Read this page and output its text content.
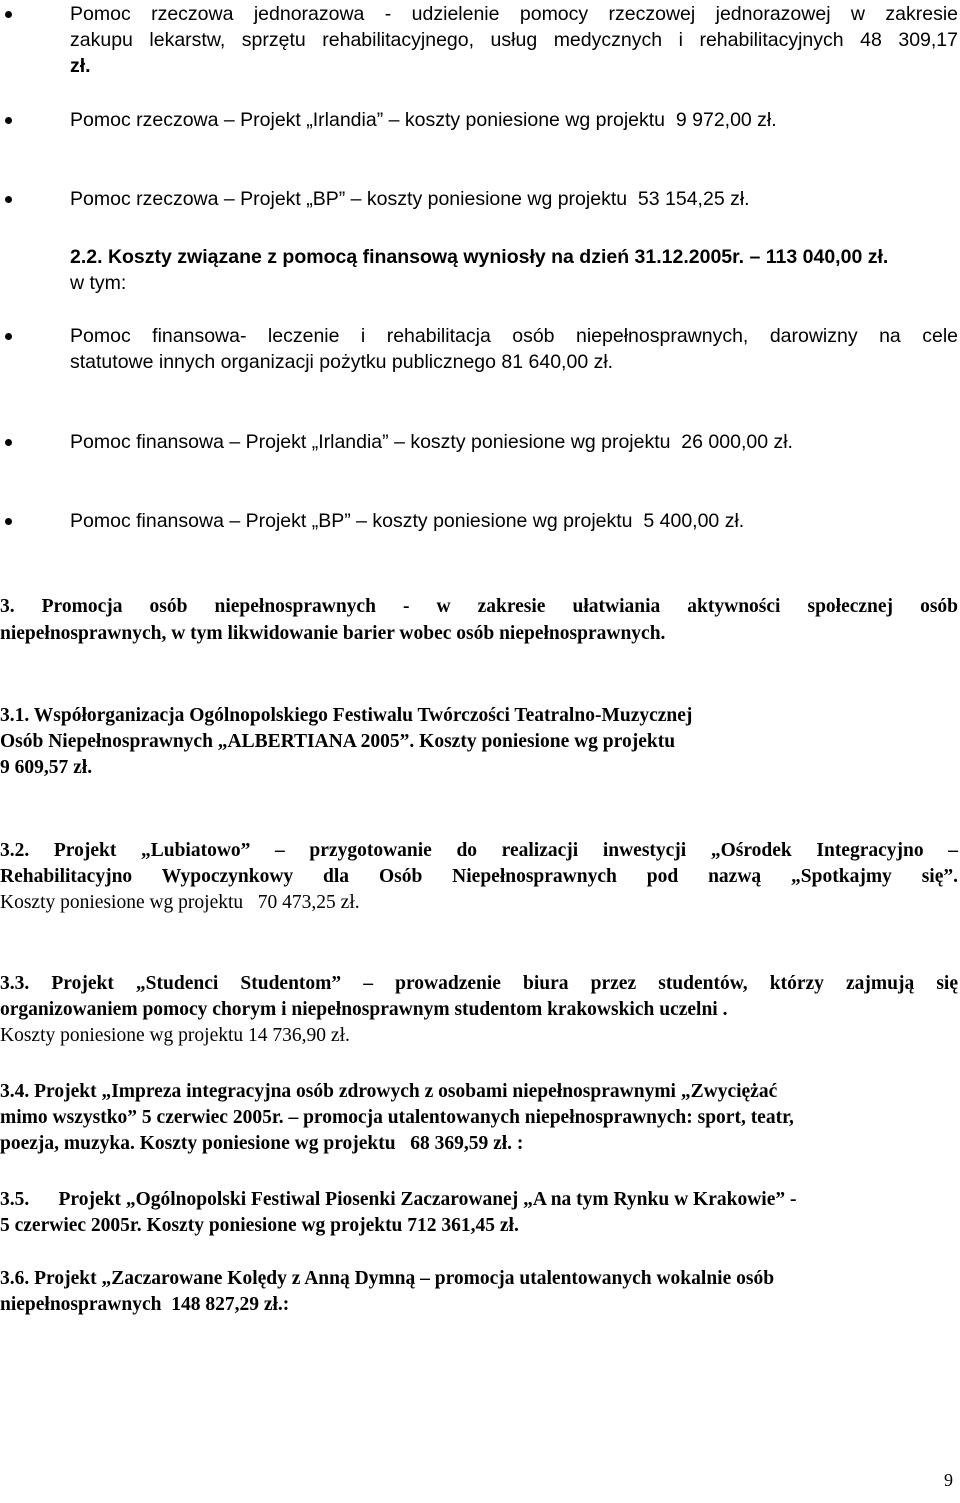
Pomoc rzeczowa jednorazowa - udzielenie pomocy rzeczowej jednorazowej w zakresie
zakupu lekarstw, sprzętu rehabilitacyjnego, usług medycznych i rehabilitacyjnych 48 309,17
zł.
Pomoc rzeczowa – Projekt „Irlandia” – koszty poniesione wg projektu  9 972,00 zł.
Pomoc rzeczowa – Projekt „BP” – koszty poniesione wg projektu  53 154,25 zł.
2.2. Koszty związane z pomocą finansową wyniosły na dzień 31.12.2005r. – 113 040,00 zł.
w tym:
Pomoc  finansowa-  leczenie  i  rehabilitacja  osób  niepełnosprawnych,  darowizny  na  cele
statutowe innych organizacji pożytku publicznego 81 640,00 zł.
Pomoc finansowa – Projekt „Irlandia” – koszty poniesione wg projektu  26 000,00 zł.
Pomoc finansowa – Projekt „BP” – koszty poniesione wg projektu  5 400,00 zł.
3.  Promocja  osób  niepełnosprawnych  -  w  zakresie  ułatwiania  aktywności  społecznej  osób
niepełnosprawnych, w tym likwidowanie barier wobec osób niepełnosprawnych.
3.1. Współorganizacja Ogólnopolskiego Festiwalu Twórczości Teatralno-Muzycznej
Osób Niepełnosprawnych „ALBERTIANA 2005”. Koszty poniesione wg projektu
9 609,57 zł.
3.2.  Projekt  „Lubiatowo”  –  przygotowanie  do  realizacji  inwestycji  „Ośrodek  Integracyjno  –
Rehabilitacyjno  Wypoczynkowy  dla  Osób  Niepełnosprawnych  pod  nazwą  „Spotkajmy  się”.
Koszty poniesione wg projektu   70 473,25 zł.
3.3.  Projekt  „Studenci  Studentom”  –  prowadzenie  biura  przez  studentów,  którzy  zajmują  się
organizowaniem pomocy chorym i niepełnosprawnym studentom krakowskich uczelni .
Koszty poniesione wg projektu 14 736,90 zł.
3.4. Projekt „Impreza integracyjna osób zdrowych z osobami niepełnosprawnymi „Zwyciężać
mimo wszystko” 5 czerwiec 2005r. – promocja utalentowanych niepełnosprawnych: sport, teatr,
poezja, muzyka. Koszty poniesione wg projektu   68 369,59 zł. :
3.5.      Projekt „Ogólnopolski Festiwal Piosenki Zaczarowanej „A na tym Rynku w Krakowie” -
5 czerwiec 2005r. Koszty poniesione wg projektu 712 361,45 zł.
3.6. Projekt „Zaczarowane Kolędy z Anną Dymną – promocja utalentowanych wokalnie osób
niepełnosprawnych  148 827,29 zł.:
9
